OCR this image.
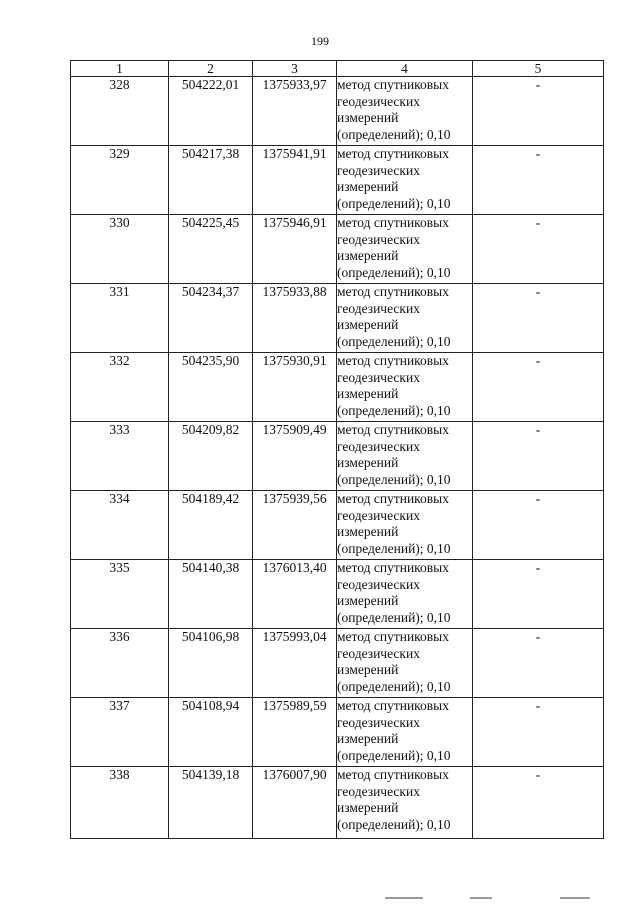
199
1	2	3	4	5
328	504222,01	1375933,97	метод спутниковых геодезических измерений (определений); 0,10	-
329	504217,38	1375941,91	метод спутниковых геодезических измерений (определений); 0,10	-
330	504225,45	1375946,91	метод спутниковых геодезических измерений (определений); 0,10	-
331	504234,37	1375933,88	метод спутниковых геодезических измерений (определений); 0,10	-
332	504235,90	1375930,91	метод спутниковых геодезических измерений (определений); 0,10	-
333	504209,82	1375909,49	метод спутниковых геодезических измерений (определений); 0,10	-
334	504189,42	1375939,56	метод спутниковых геодезических измерений (определений); 0,10	-
335	504140,38	1376013,40	метод спутниковых геодезических измерений (определений); 0,10	-
336	504106,98	1375993,04	метод спутниковых геодезических измерений (определений); 0,10	-
337	504108,94	1375989,59	метод спутниковых геодезических измерений (определений); 0,10	-
338	504139,18	1376007,90	метод спутниковых геодезических измерений (определений); 0,10	-
